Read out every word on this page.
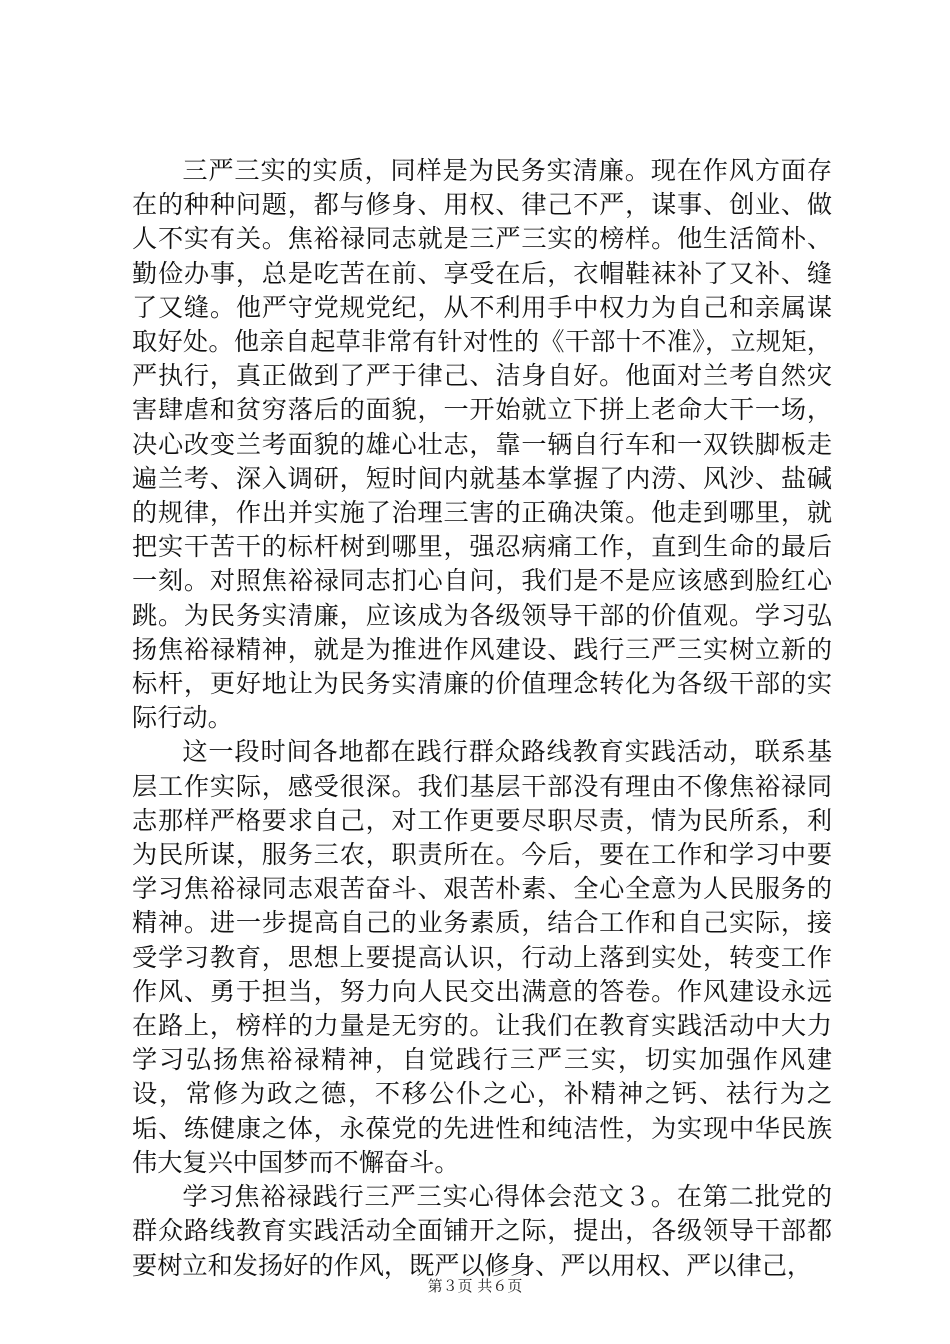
三严三实的实质，同样是为民务实清廉。现在作风方面存在的种种问题，都与修身、用权、律己不严，谋事、创业、做人不实有关。焦裕禄同志就是三严三实的榜样。他生活简朴、勤俭办事，总是吃苦在前、享受在后，衣帽鞋袜补了又补、缝了又缝。他严守党规党纪，从不利用手中权力为自己和亲属谋取好处。他亲自起草非常有针对性的《干部十不准》，立规矩，严执行，真正做到了严于律己、洁身自好。他面对兰考自然灾害肆虐和贫穷落后的面貌，一开始就立下拼上老命大干一场，决心改变兰考面貌的雄心壮志，靠一辆自行车和一双铁脚板走遍兰考、深入调研，短时间内就基本掌握了内涝、风沙、盐碱的规律，作出并实施了治理三害的正确决策。他走到哪里，就把实干苦干的标杆树到哪里，强忍病痛工作，直到生命的最后一刻。对照焦裕禄同志扪心自问，我们是不是应该感到脸红心跳。为民务实清廉，应该成为各级领导干部的价值观。学习弘扬焦裕禄精神，就是为推进作风建设、践行三严三实树立新的标杆，更好地让为民务实清廉的价值理念转化为各级干部的实际行动。

这一段时间各地都在践行群众路线教育实践活动，联系基层工作实际，感受很深。我们基层干部没有理由不像焦裕禄同志那样严格要求自己，对工作更要尽职尽责，情为民所系，利为民所谋，服务三农，职责所在。今后，要在工作和学习中要学习焦裕禄同志艰苦奋斗、艰苦朴素、全心全意为人民服务的精神。进一步提高自己的业务素质，结合工作和自己实际，接受学习教育，思想上要提高认识，行动上落到实处，转变工作作风、勇于担当，努力向人民交出满意的答卷。作风建设永远在路上，榜样的力量是无穷的。让我们在教育实践活动中大力学习弘扬焦裕禄精神，自觉践行三严三实，切实加强作风建设，常修为政之德，不移公仆之心，补精神之钙、祛行为之垢、练健康之体，永葆党的先进性和纯洁性，为实现中华民族伟大复兴中国梦而不懈奋斗。

学习焦裕禄践行三严三实心得体会范文３。在第二批党的群众路线教育实践活动全面铺开之际，提出，各级领导干部都要树立和发扬好的作风，既严以修身、严以用权、严以律己，

第３页 共６页
